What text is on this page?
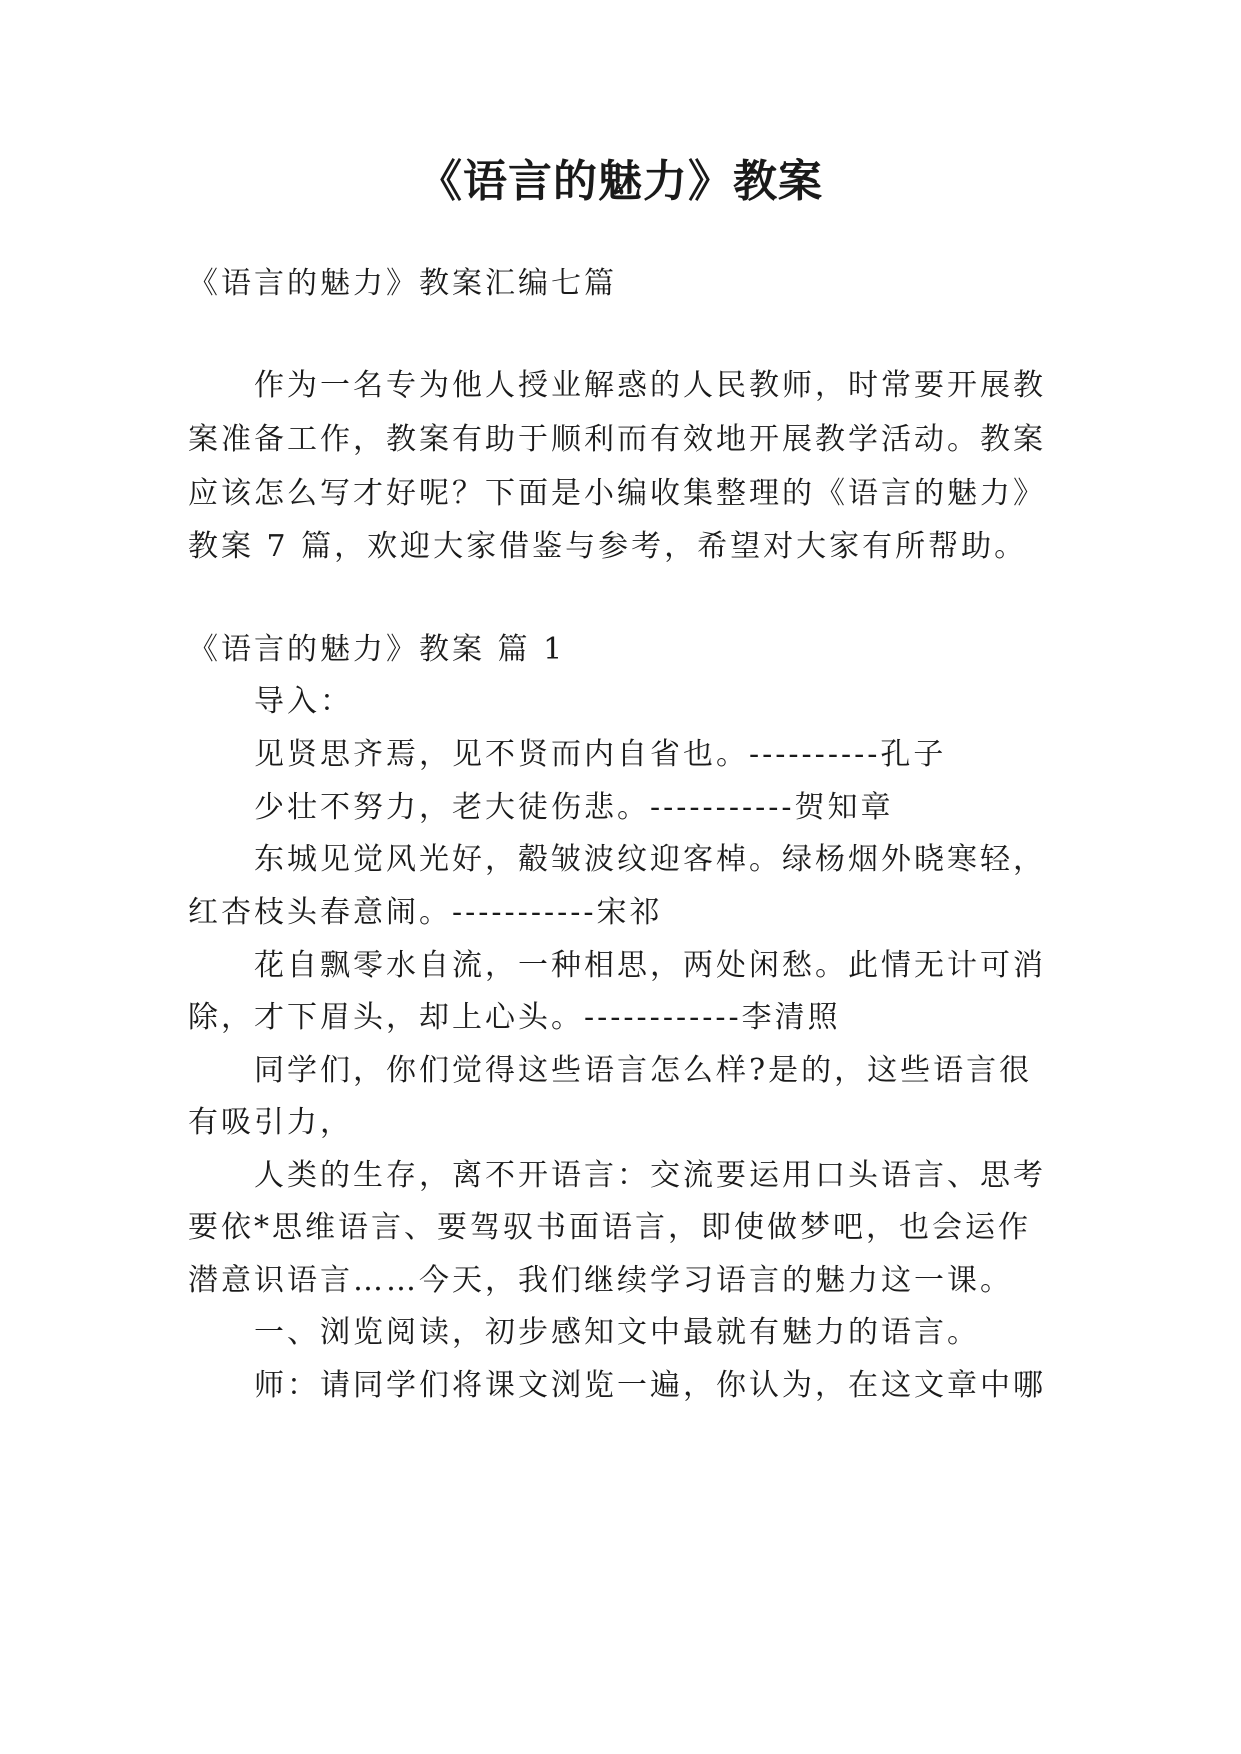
《语言的魅力》教案
《语言的魅力》教案汇编七篇
作为一名专为他人授业解惑的人民教师，时常要开展教
案准备工作，教案有助于顺利而有效地开展教学活动。教案
应该怎么写才好呢？下面是小编收集整理的《语言的魅力》
教案 7 篇，欢迎大家借鉴与参考，希望对大家有所帮助。
《语言的魅力》教案 篇 1
导入：
见贤思齐焉，见不贤而内自省也。----------孔子
少壮不努力，老大徒伤悲。-----------贺知章
东城见觉风光好，觳皱波纹迎客棹。绿杨烟外晓寒轻，
红杏枝头春意闹。-----------宋祁
花自飘零水自流，一种相思，两处闲愁。此情无计可消
除，才下眉头，却上心头。------------李清照
同学们，你们觉得这些语言怎么样?是的，这些语言很
有吸引力，
人类的生存，离不开语言：交流要运用口头语言、思考
要依*思维语言、要驾驭书面语言，即使做梦吧，也会运作
潜意识语言……今天，我们继续学习语言的魅力这一课。
一、浏览阅读，初步感知文中最就有魅力的语言。
师：请同学们将课文浏览一遍，你认为，在这文章中哪
